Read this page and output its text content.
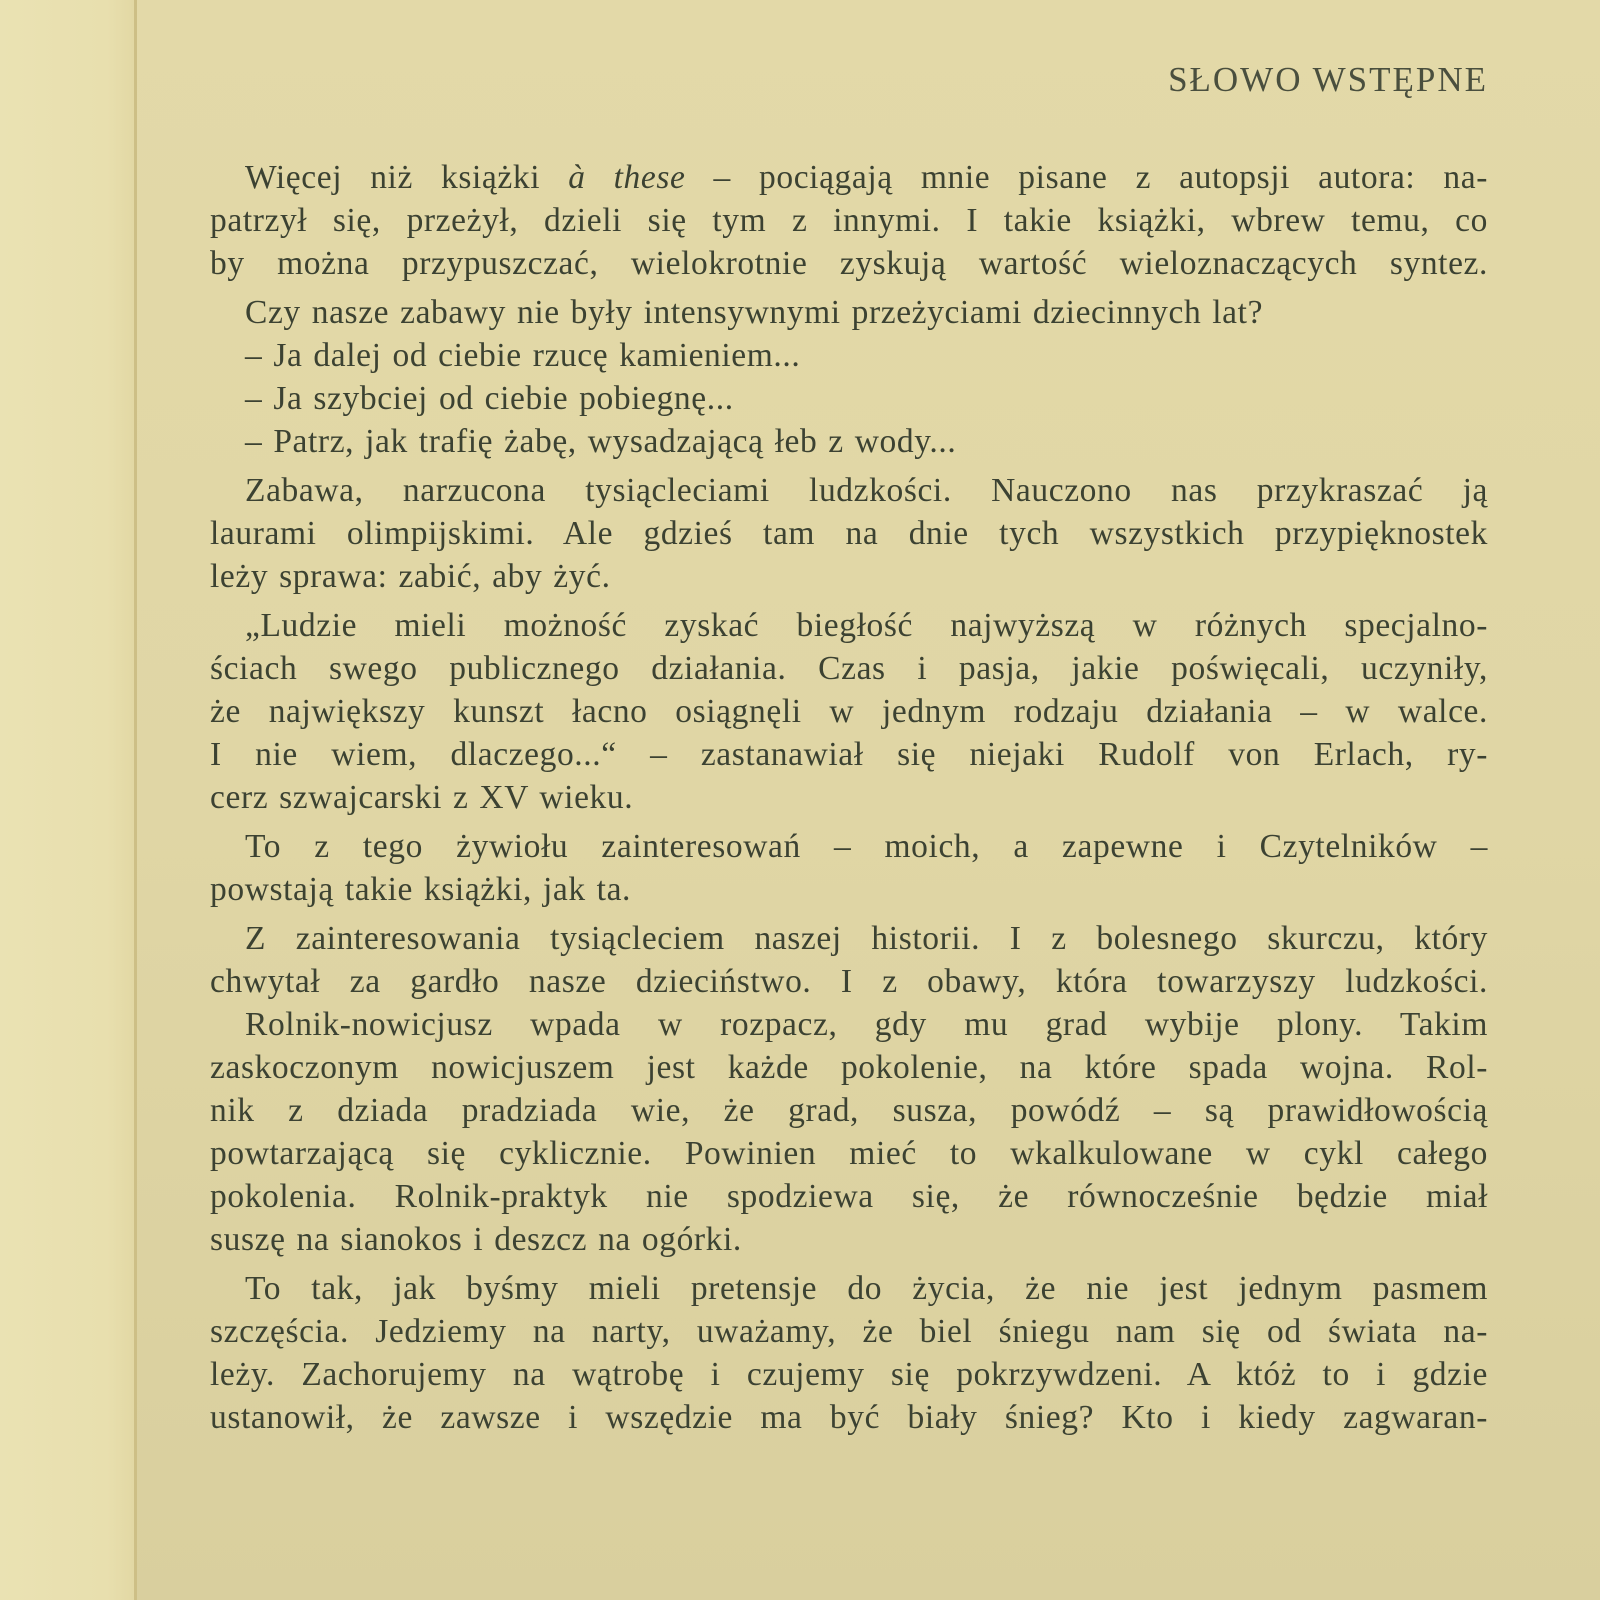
SŁOWO WSTĘPNE
Więcej niż książki à these – pociągają mnie pisane z autopsji autora: na-
patrzył się, przeżył, dzieli się tym z innymi. I takie książki, wbrew temu, co
by można przypuszczać, wielokrotnie zyskują wartość wieloznaczących syntez.
Czy nasze zabawy nie były intensywnymi przeżyciami dziecinnych lat?
– Ja dalej od ciebie rzucę kamieniem...
– Ja szybciej od ciebie pobiegnę...
– Patrz, jak trafię żabę, wysadzającą łeb z wody...
Zabawa, narzucona tysiącleciami ludzkości. Nauczono nas przykraszać ją
laurami olimpijskimi. Ale gdzieś tam na dnie tych wszystkich przypięknostek
leży sprawa: zabić, aby żyć.
„Ludzie mieli możność zyskać biegłość najwyższą w różnych specjalno-
ściach swego publicznego działania. Czas i pasja, jakie poświęcali, uczyniły,
że największy kunszt łacno osiągnęli w jednym rodzaju działania – w walce.
I nie wiem, dlaczego...“ – zastanawiał się niejaki Rudolf von Erlach, ry-
cerz szwajcarski z XV wieku.
To z tego żywiołu zainteresowań – moich, a zapewne i Czytelników –
powstają takie książki, jak ta.
Z zainteresowania tysiącleciem naszej historii. I z bolesnego skurczu, który
chwytał za gardło nasze dzieciństwo. I z obawy, która towarzyszy ludzkości.
Rolnik-nowicjusz wpada w rozpacz, gdy mu grad wybije plony. Takim
zaskoczonym nowicjuszem jest każde pokolenie, na które spada wojna. Rol-
nik z dziada pradziada wie, że grad, susza, powódź – są prawidłowością
powtarzającą się cyklicznie. Powinien mieć to wkalkulowane w cykl całego
pokolenia. Rolnik-praktyk nie spodziewa się, że równocześnie będzie miał
suszę na sianokos i deszcz na ogórki.
To tak, jak byśmy mieli pretensje do życia, że nie jest jednym pasmem
szczęścia. Jedziemy na narty, uważamy, że biel śniegu nam się od świata na-
leży. Zachorujemy na wątrobę i czujemy się pokrzywdzeni. A któż to i gdzie
ustanowił, że zawsze i wszędzie ma być biały śnieg? Kto i kiedy zagwaran-
